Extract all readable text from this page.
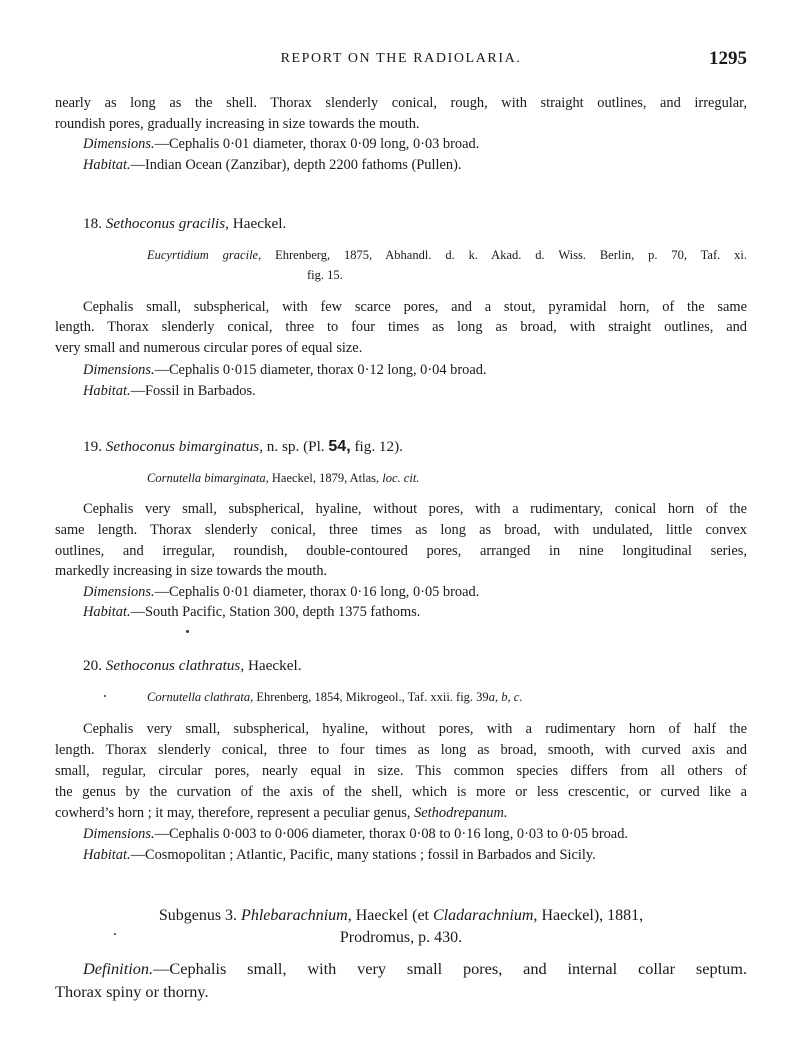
REPORT ON THE RADIOLARIA.	1295
nearly as long as the shell. Thorax slenderly conical, rough, with straight outlines, and irregular,
roundish pores, gradually increasing in size towards the mouth.
Dimensions.—Cephalis 0·01 diameter, thorax 0·09 long, 0·03 broad.
Habitat.—Indian Ocean (Zanzibar), depth 2200 fathoms (Pullen).
18. Sethoconus gracilis, Haeckel.
Eucyrtidium gracile, Ehrenberg, 1875, Abhandl. d. k. Akad. d. Wiss. Berlin, p. 70, Taf. xi.
fig. 15.
Cephalis small, subspherical, with few scarce pores, and a stout, pyramidal horn, of the same
length. Thorax slenderly conical, three to four times as long as broad, with straight outlines, and
very small and numerous circular pores of equal size.
Dimensions.—Cephalis 0·015 diameter, thorax 0·12 long, 0·04 broad.
Habitat.—Fossil in Barbados.
19. Sethoconus bimarginatus, n. sp. (Pl. 54, fig. 12).
Cornutella bimarginata, Haeckel, 1879, Atlas, loc. cit.
Cephalis very small, subspherical, hyaline, without pores, with a rudimentary, conical horn of the
same length. Thorax slenderly conical, three times as long as broad, with undulated, little convex
outlines, and irregular, roundish, double-contoured pores, arranged in nine longitudinal series,
markedly increasing in size towards the mouth.
Dimensions.—Cephalis 0·01 diameter, thorax 0·16 long, 0·05 broad.
Habitat.—South Pacific, Station 300, depth 1375 fathoms.
20. Sethoconus clathratus, Haeckel.
Cornutella clathrata, Ehrenberg, 1854, Mikrogeol., Taf. xxii. fig. 39a, b, c.
Cephalis very small, subspherical, hyaline, without pores, with a rudimentary horn of half the
length. Thorax slenderly conical, three to four times as long as broad, smooth, with curved axis and
small, regular, circular pores, nearly equal in size. This common species differs from all others of
the genus by the curvation of the axis of the shell, which is more or less crescentic, or curved like a
cowherd’s horn ; it may, therefore, represent a peculiar genus, Sethodrepanum.
Dimensions.—Cephalis 0·003 to 0·006 diameter, thorax 0·08 to 0·16 long, 0·03 to 0·05 broad.
Habitat.—Cosmopolitan ; Atlantic, Pacific, many stations ; fossil in Barbados and Sicily.
Subgenus 3. Phlebarachnium, Haeckel (et Cladarachnium, Haeckel), 1881,
Prodromus, p. 430.
Definition.—Cephalis small, with very small pores, and internal collar septum.
Thorax spiny or thorny.
